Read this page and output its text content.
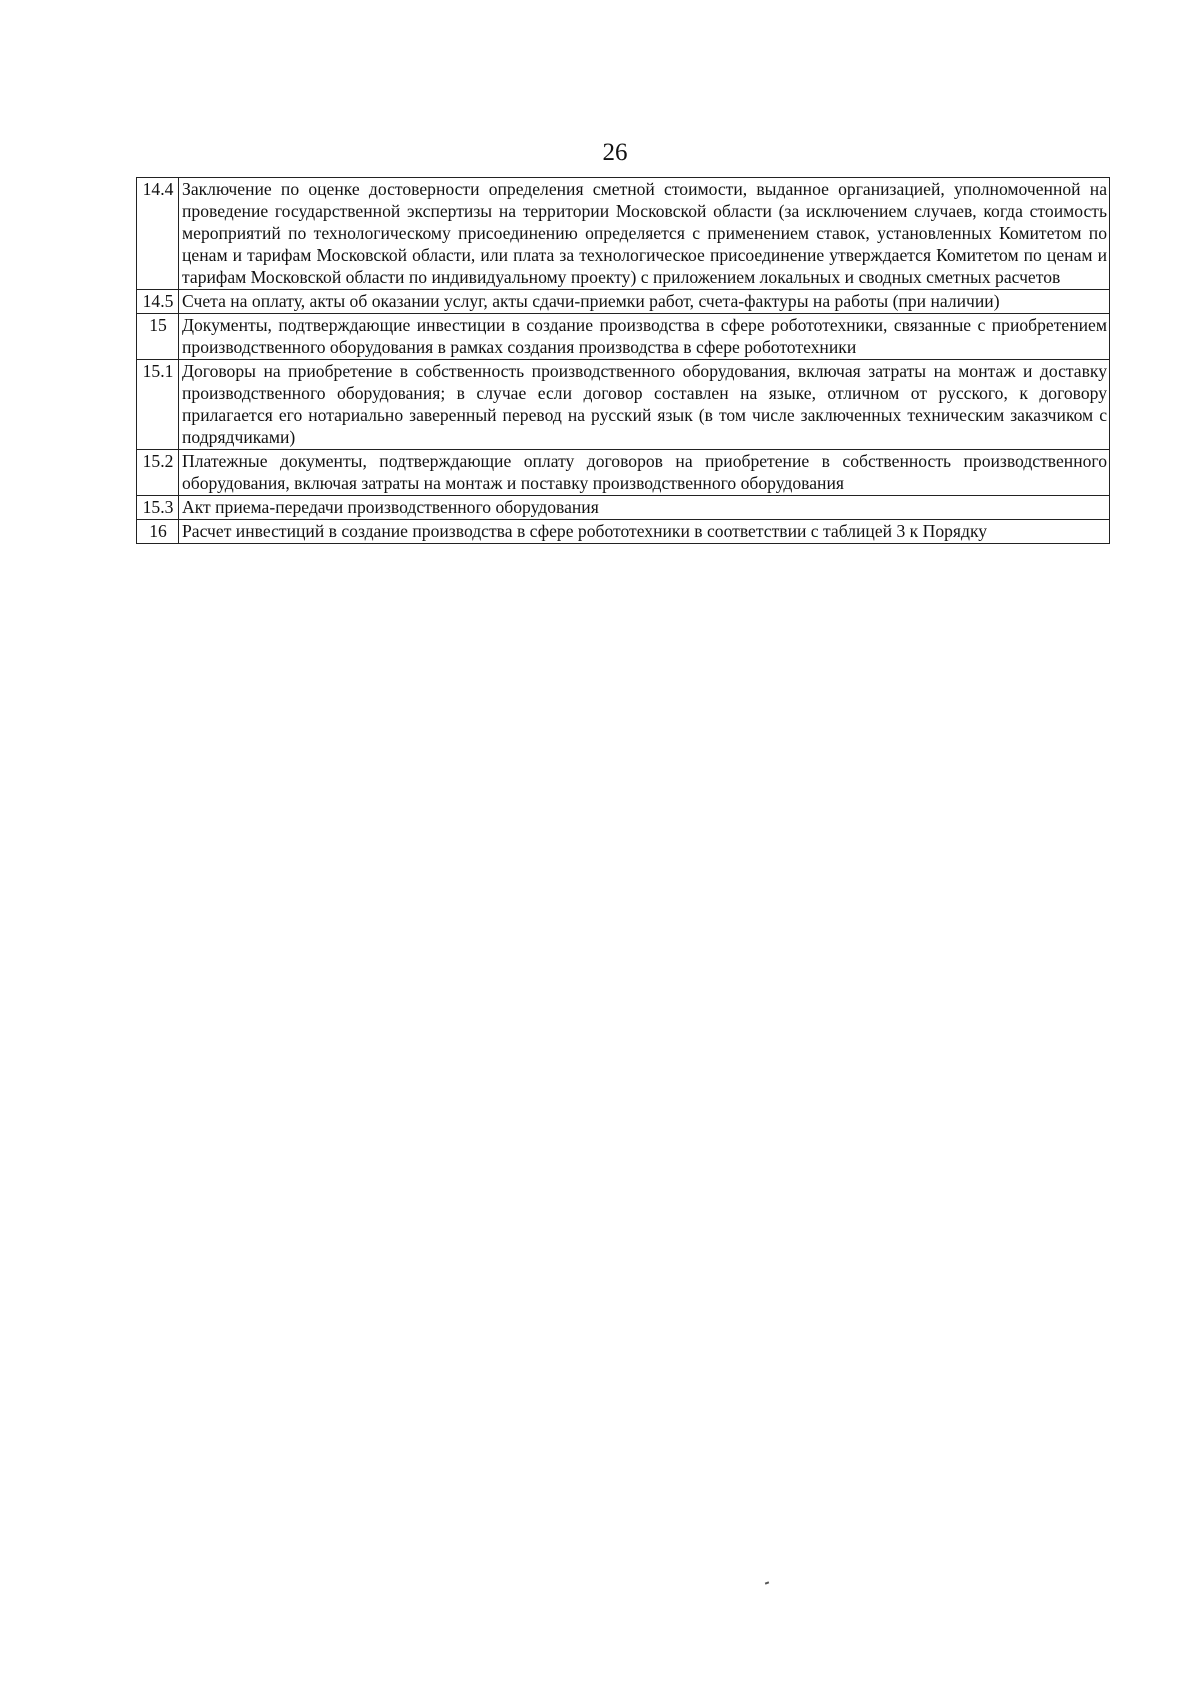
26
14.4	Заключение по оценке достоверности определения сметной стоимости, выданное организацией, уполномоченной на проведение государственной экспертизы на территории Московской области (за исключением случаев, когда стоимость мероприятий по технологическому присоединению определяется с применением ставок, установленных Комитетом по ценам и тарифам Московской области, или плата за технологическое присоединение утверждается Комитетом по ценам и тарифам Московской области по индивидуальному проекту) с приложением локальных и сводных сметных расчетов
14.5	Счета на оплату, акты об оказании услуг, акты сдачи-приемки работ, счета-фактуры на работы (при наличии)
15	Документы, подтверждающие инвестиции в создание производства в сфере робототехники, связанные с приобретением производственного оборудования в рамках создания производства в сфере робототехники
15.1	Договоры на приобретение в собственность производственного оборудования, включая затраты на монтаж и доставку производственного оборудования; в случае если договор составлен на языке, отличном от русского, к договору прилагается его нотариально заверенный перевод на русский язык (в том числе заключенных техническим заказчиком с подрядчиками)
15.2	Платежные документы, подтверждающие оплату договоров на приобретение в собственность производственного оборудования, включая затраты на монтаж и поставку производственного оборудования
15.3	Акт приема-передачи производственного оборудования
16	Расчет инвестиций в создание производства в сфере робототехники в соответствии с таблицей 3 к Порядку
